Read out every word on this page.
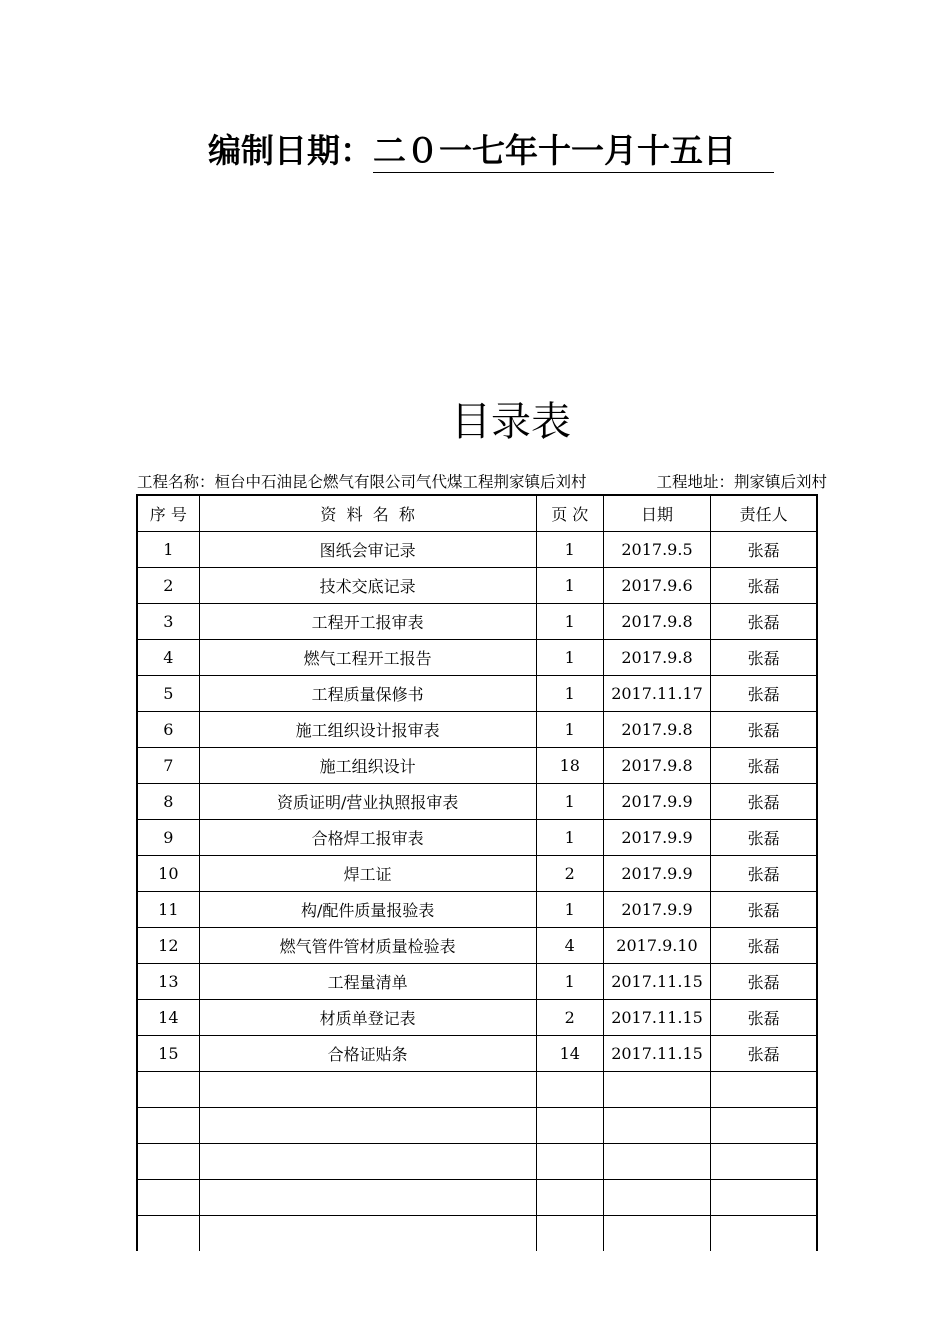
编制日期：二０一七年十一月十五日
目录表
工程名称：桓台中石油昆仑燃气有限公司气代煤工程荆家镇后刘村	工程地址：荆家镇后刘村
序 号	资  料  名  称	页 次	日期	责任人
1	图纸会审记录	1	2017.9.5	张磊
2	技术交底记录	1	2017.9.6	张磊
3	工程开工报审表	1	2017.9.8	张磊
4	燃气工程开工报告	1	2017.9.8	张磊
5	工程质量保修书	1	2017.11.17	张磊
6	施工组织设计报审表	1	2017.9.8	张磊
7	施工组织设计	18	2017.9.8	张磊
8	资质证明/营业执照报审表	1	2017.9.9	张磊
9	合格焊工报审表	1	2017.9.9	张磊
10	焊工证	2	2017.9.9	张磊
11	构/配件质量报验表	1	2017.9.9	张磊
12	燃气管件管材质量检验表	4	2017.9.10	张磊
13	工程量清单	1	2017.11.15	张磊
14	材质单登记表	2	2017.11.15	张磊
15	合格证贴条	14	2017.11.15	张磊
